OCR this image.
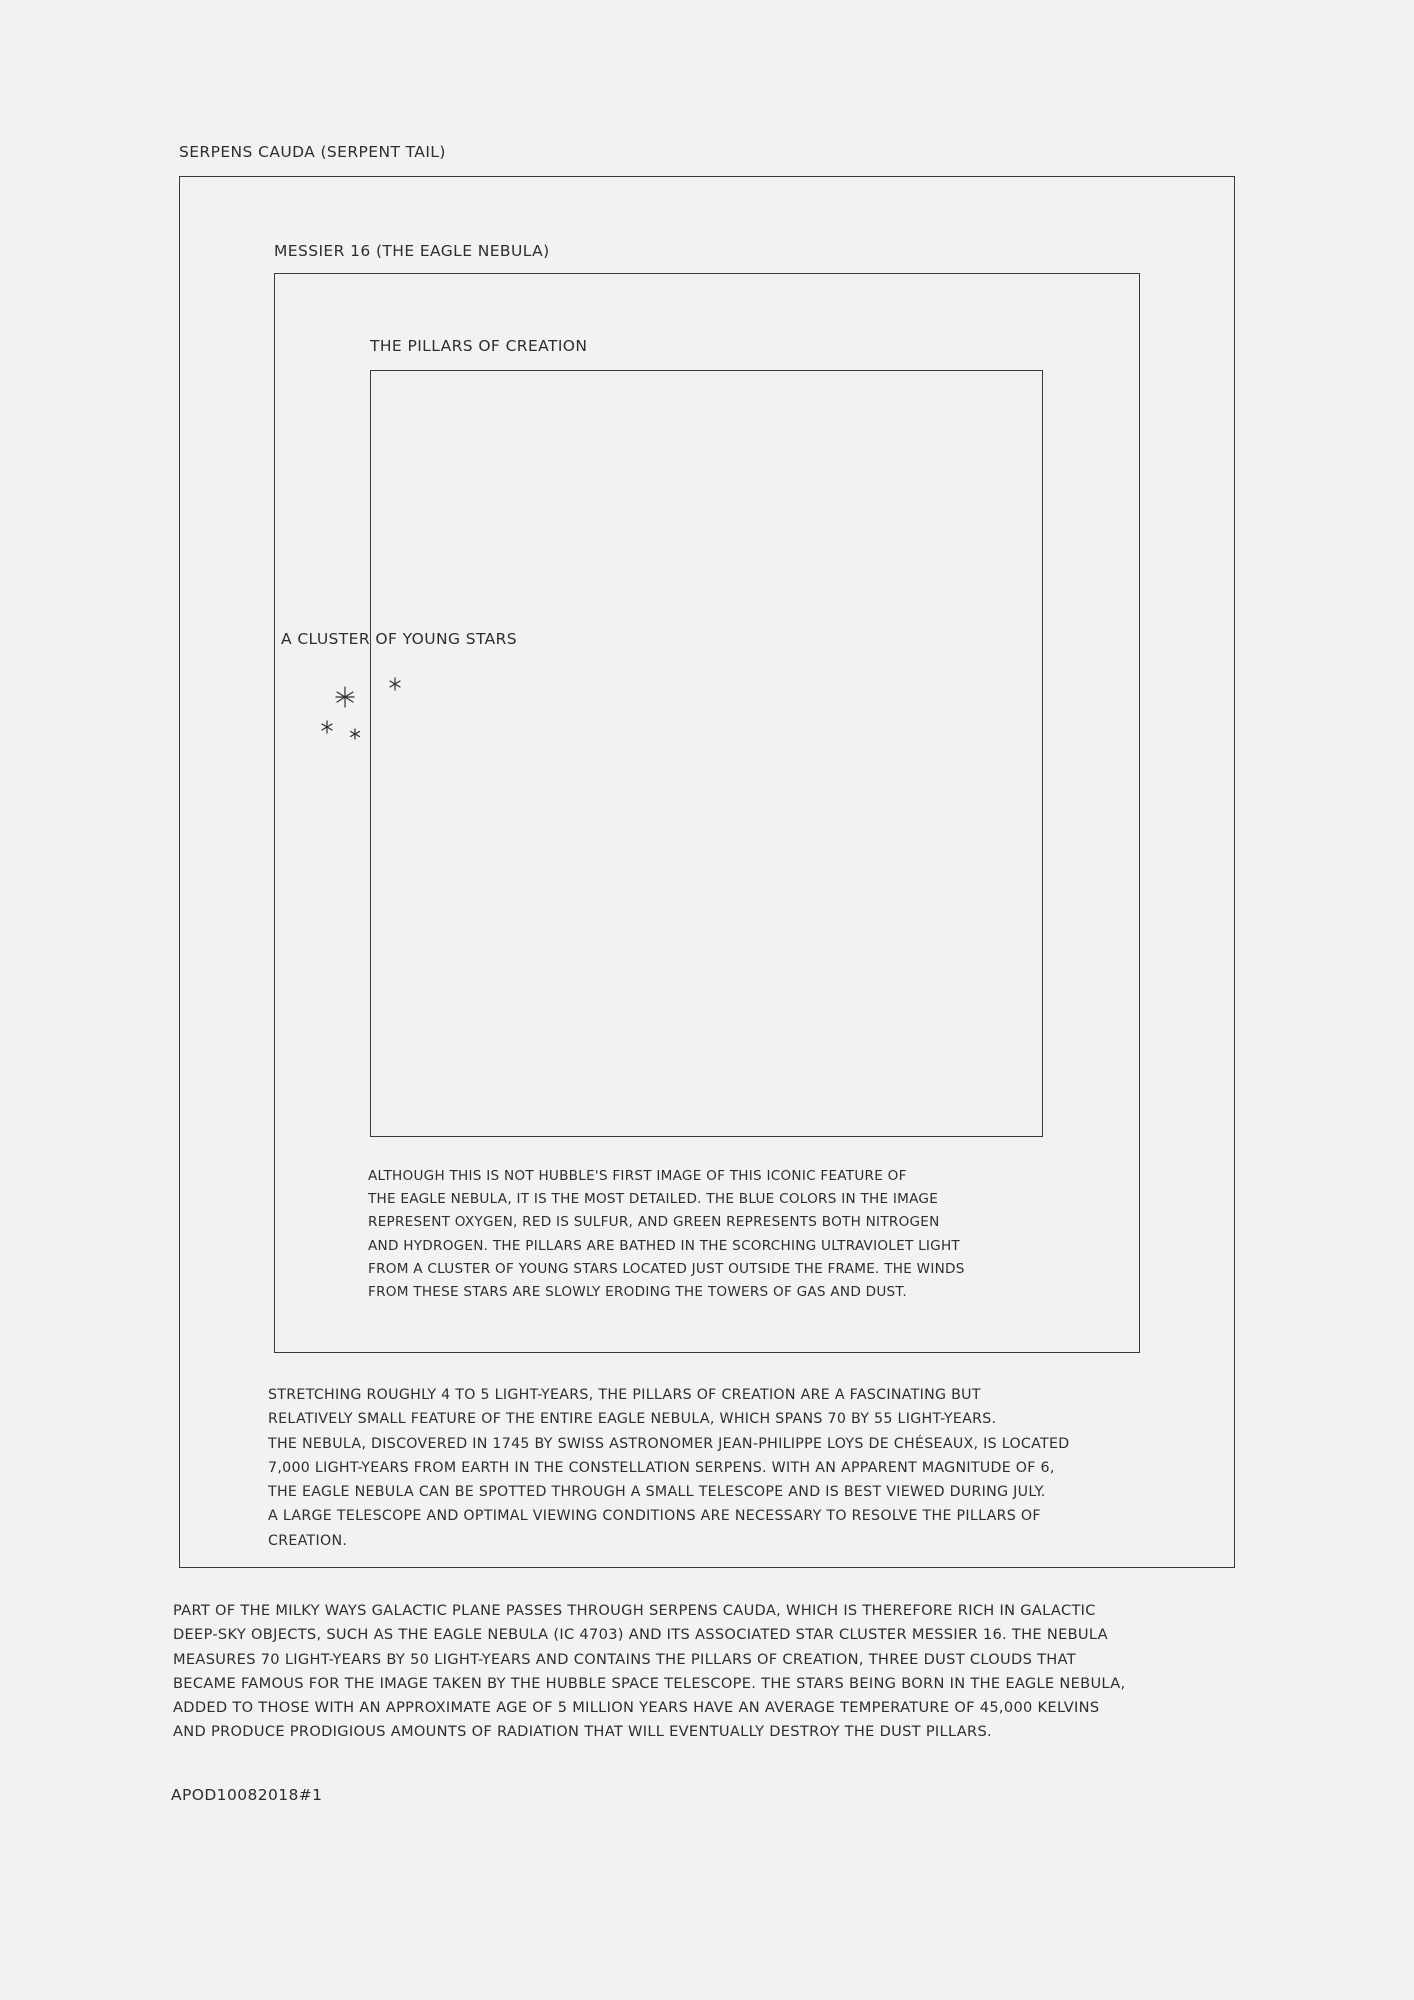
SERPENS CAUDA (SERPENT TAIL)
MESSIER 16 (THE EAGLE NEBULA)
THE PILLARS OF CREATION
A CLUSTER OF YOUNG STARS

ALTHOUGH THIS IS NOT HUBBLE'S FIRST IMAGE OF THIS ICONIC FEATURE OF
THE EAGLE NEBULA, IT IS THE MOST DETAILED. THE BLUE COLORS IN THE IMAGE
REPRESENT OXYGEN, RED IS SULFUR, AND GREEN REPRESENTS BOTH NITROGEN
AND HYDROGEN. THE PILLARS ARE BATHED IN THE SCORCHING ULTRAVIOLET LIGHT
FROM A CLUSTER OF YOUNG STARS LOCATED JUST OUTSIDE THE FRAME. THE WINDS
FROM THESE STARS ARE SLOWLY ERODING THE TOWERS OF GAS AND DUST.

STRETCHING ROUGHLY 4 TO 5 LIGHT-YEARS, THE PILLARS OF CREATION ARE A FASCINATING BUT
RELATIVELY SMALL FEATURE OF THE ENTIRE EAGLE NEBULA, WHICH SPANS 70 BY 55 LIGHT-YEARS.
THE NEBULA, DISCOVERED IN 1745 BY SWISS ASTRONOMER JEAN-PHILIPPE LOYS DE CHÉSEAUX, IS LOCATED
7,000 LIGHT-YEARS FROM EARTH IN THE CONSTELLATION SERPENS. WITH AN APPARENT MAGNITUDE OF 6,
THE EAGLE NEBULA CAN BE SPOTTED THROUGH A SMALL TELESCOPE AND IS BEST VIEWED DURING JULY.
A LARGE TELESCOPE AND OPTIMAL VIEWING CONDITIONS ARE NECESSARY TO RESOLVE THE PILLARS OF
CREATION.

PART OF THE MILKY WAYS GALACTIC PLANE PASSES THROUGH SERPENS CAUDA, WHICH IS THEREFORE RICH IN GALACTIC
DEEP-SKY OBJECTS, SUCH AS THE EAGLE NEBULA (IC 4703) AND ITS ASSOCIATED STAR CLUSTER MESSIER 16. THE NEBULA
MEASURES 70 LIGHT-YEARS BY 50 LIGHT-YEARS AND CONTAINS THE PILLARS OF CREATION, THREE DUST CLOUDS THAT
BECAME FAMOUS FOR THE IMAGE TAKEN BY THE HUBBLE SPACE TELESCOPE. THE STARS BEING BORN IN THE EAGLE NEBULA,
ADDED TO THOSE WITH AN APPROXIMATE AGE OF 5 MILLION YEARS HAVE AN AVERAGE TEMPERATURE OF 45,000 KELVINS
AND PRODUCE PRODIGIOUS AMOUNTS OF RADIATION THAT WILL EVENTUALLY DESTROY THE DUST PILLARS.

APOD10082018#1
